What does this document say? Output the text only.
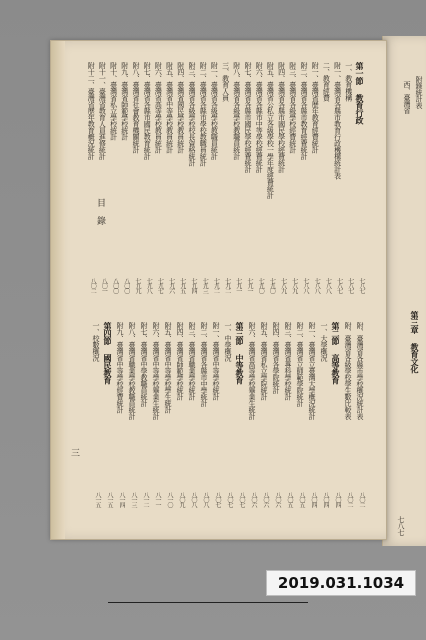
附錄統計表
西、臺灣省
第三章 教育文化
七八七
第一節 教育行政
七八七
一、教育機構
七八七
附一、臺灣省各縣市教育行政機構統計表
七八七
二、教育經費
七八八
附一、臺灣省歷年教育經費統計
七八八
附二、臺灣省各縣市教育經費統計
七八八
附三、臺灣省各級學校經費統計
七八九
附四、臺灣省各縣市國民學校經費統計
七八九
附五、臺灣省公私立各級學校一學年度經費統計
七九〇
附六、臺灣省各縣市中等學校經費統計
七九〇
附七、臺灣省各縣市國民學校經費統計
七九一
附八、臺灣省各級學校教職員統計
七九一
三、教育人員
七九二
附一、臺灣省各級學校教職員統計
七九二
附二、臺灣省各縣市學校教職員統計
七九三
附三、臺灣省各級學校校長資格統計
七九四
附四、臺灣省國民學校教員統計
七九五
附五、臺灣省中等學校教員統計
七九六
附六、臺灣省高等學校教員統計
七九七
附七、臺灣省各縣市國民教育統計
七九八
附八、臺灣省社會教育機關統計
七九九
附九、臺灣省師範學校統計
八〇〇
附十、臺灣省私立學校統計
八〇〇
附十一、臺灣省教育人員進修統計
八〇一
附十二、臺灣省歷年教育概況統計
八〇二
附、臺灣省各縣市學校概況統計表
八〇二
附、臺灣省各級學校學生數比較表
八〇二
第二節 高等教育
八〇四
一、大學概況
八〇四
附一、臺灣省立臺灣大學概況統計
八〇四
附二、臺灣省立師範學院統計
八〇五
附三、臺灣省專科學校統計
八〇五
附四、臺灣省各學院統計
八〇六
附五、臺灣省私立學院統計
八〇六
附六、臺灣省高等學校畢業生統計
八〇六
第三節 中等教育
八〇七
一、中學概況
八〇七
附一、臺灣省中等學校統計
八〇七
附二、臺灣省各縣市中學統計
八〇八
附三、臺灣省職業學校統計
八〇八
附四、臺灣省師範學校統計
八〇九
附五、臺灣省中等學校學生統計
八一〇
附六、臺灣省中等學校畢業生統計
八一一
附七、臺灣省中學教職員統計
八一二
附八、臺灣省職業學校教職員統計
八一三
附九、臺灣省中等學校經費統計
八一四
第四節 國民教育
八一五
一、校數概況
八一五
目 錄
三
2019.031.1034
